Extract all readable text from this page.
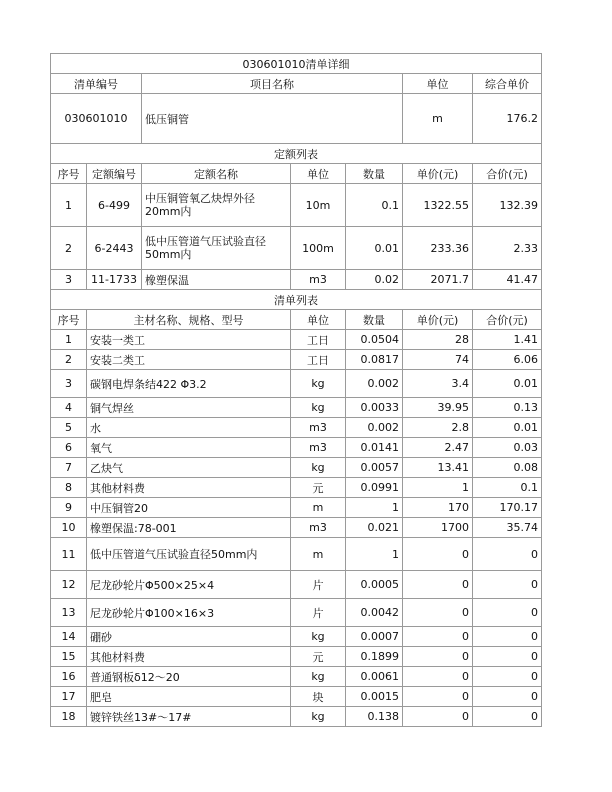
030601010清单详细						
清单编号		项目名称			单位	综合单价
030601010		低压铜管			m	176.2
定额列表						
序号	定额编号	定额名称	单位	数量	单价(元)	合价(元)
1	6-499	中压铜管氧乙炔焊外径20mm内	10m	0.1	1322.55	132.39
2	6-2443	低中压管道气压试验直径50mm内	100m	0.01	233.36	2.33
3	11-1733	橡塑保温	m3	0.02	2071.7	41.47
清单列表						
序号	主材名称、规格、型号		单位	数量	单价(元)	合价(元)
1	安装一类工		工日	0.0504	28	1.41
2	安装二类工		工日	0.0817	74	6.06
3	碳钢电焊条结422 Φ3.2		kg	0.002	3.4	0.01
4	铜气焊丝		kg	0.0033	39.95	0.13
5	水		m3	0.002	2.8	0.01
6	氧气		m3	0.0141	2.47	0.03
7	乙炔气		kg	0.0057	13.41	0.08
8	其他材料费		元	0.0991	1	0.1
9	中压铜管20		m	1	170	170.17
10	橡塑保温:78-001		m3	0.021	1700	35.74
11	低中压管道气压试验直径50mm内		m	1	0	0
12	尼龙砂轮片Φ500×25×4		片	0.0005	0	0
13	尼龙砂轮片Φ100×16×3		片	0.0042	0	0
14	硼砂		kg	0.0007	0	0
15	其他材料费		元	0.1899	0	0
16	普通钢板δ12～20		kg	0.0061	0	0
17	肥皂		块	0.0015	0	0
18	镀锌铁丝13#～17#		kg	0.138	0	0
